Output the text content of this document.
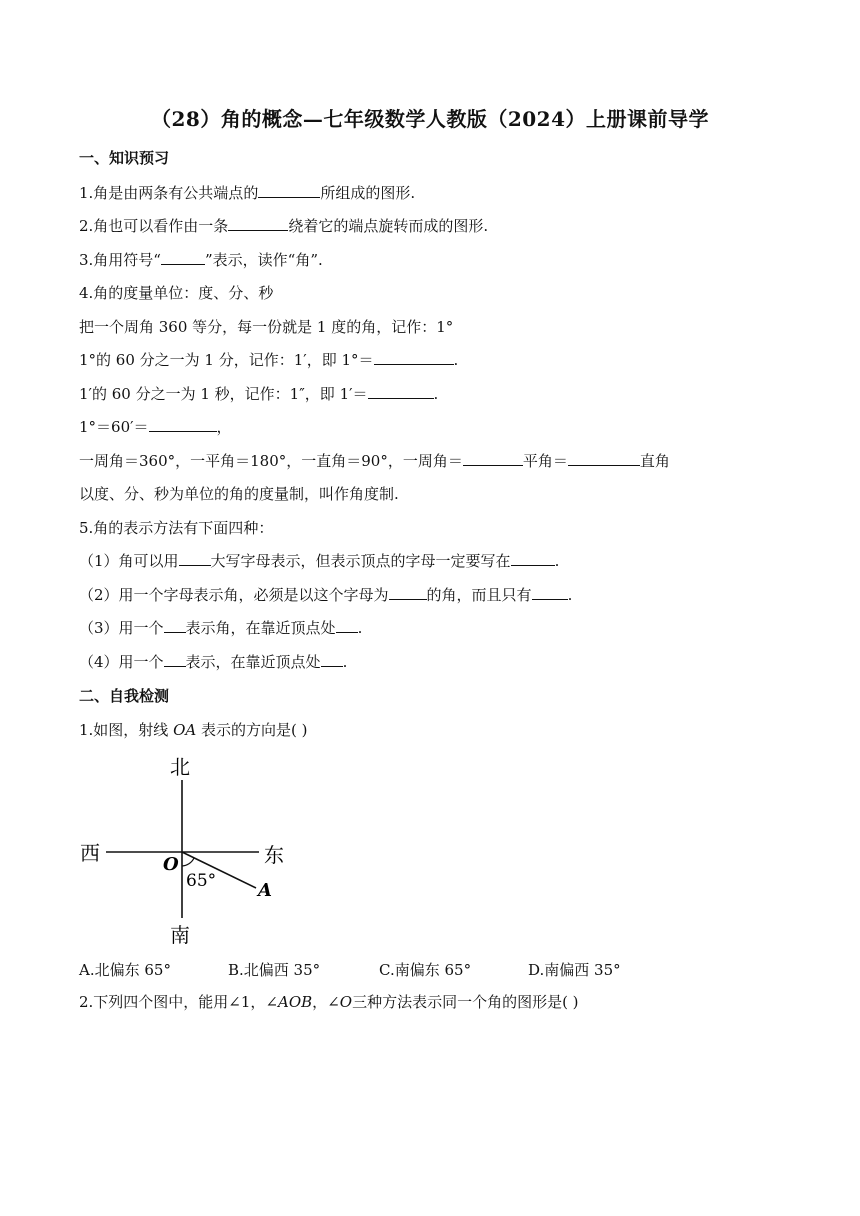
（28）角的概念—七年级数学人教版（2024）上册课前导学
一、知识预习
1.角是由两条有公共端点的	所组成的图形.
2.角也可以看作由一条	绕着它的端点旋转而成的图形.
3.角用符号“	”表示，读作“角”.
4.角的度量单位：度、分、秒
把一个周角 360 等分，每一份就是 1 度的角，记作：1°
1°的 60 分之一为 1 分，记作：1′，即 1°＝	.
1′的 60 分之一为 1 秒，记作：1″，即 1′＝	.
1°＝60′＝	，
一周角＝360°，一平角＝180°，一直角＝90°，一周角＝	平角＝	直角
以度、分、秒为单位的角的度量制，叫作角度制.
5.角的表示方法有下面四种：
（1）角可以用 大写字母表示，但表示顶点的字母一定要写在	.
（2）用一个字母表示角，必须是以这个字母为	的角，而且只有 .
（3）用一个 表示角，在靠近顶点处 .
（4）用一个 表示，在靠近顶点处 .
二、自我检测
1.如图，射线 OA 表示的方向是( )
北
南
西	东
O
A
65°
A.北偏东 65°	B.北偏西 35°	C.南偏东 65°	D.南偏西 35°
2.下列四个图中，能用∠1，∠AOB，∠O三种方法表示同一个角的图形是( )
